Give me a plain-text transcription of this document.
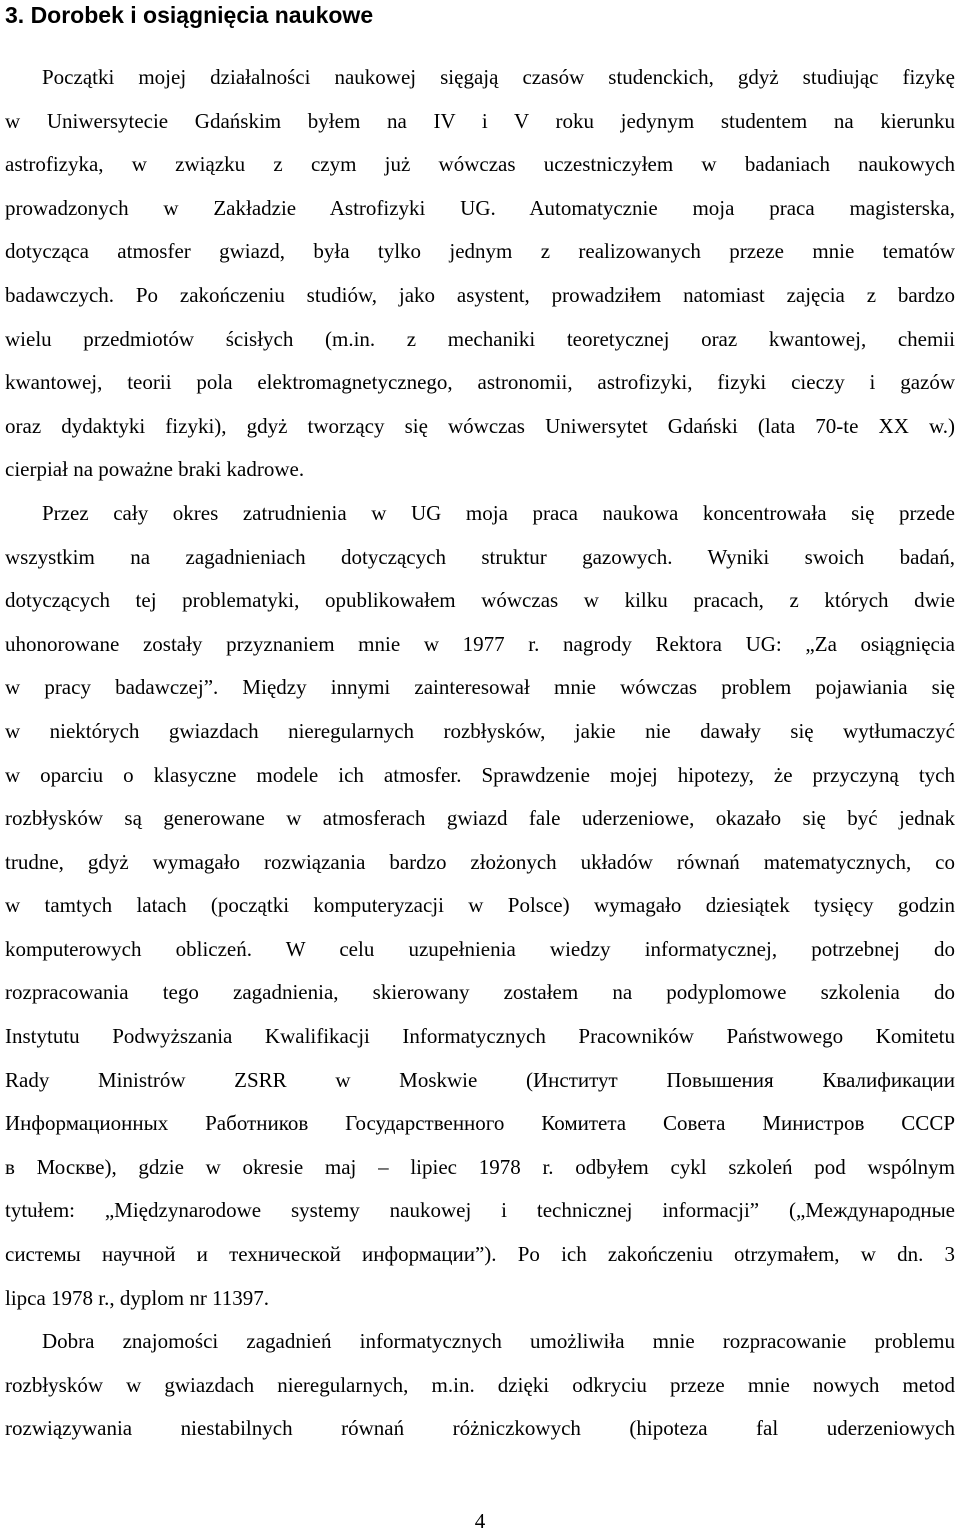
3. Dorobek i osiągnięcia naukowe
Początki mojej działalności naukowej sięgają czasów studenckich, gdyż studiując fizykę
w Uniwersytecie Gdańskim byłem na IV i V roku jedynym studentem na kierunku
astrofizyka, w związku z czym już wówczas uczestniczyłem w badaniach naukowych
prowadzonych w Zakładzie Astrofizyki UG. Automatycznie moja praca magisterska,
dotycząca atmosfer gwiazd, była tylko jednym z realizowanych przeze mnie tematów
badawczych. Po zakończeniu studiów, jako asystent, prowadziłem natomiast zajęcia z bardzo
wielu przedmiotów ścisłych (m.in. z mechaniki teoretycznej oraz kwantowej, chemii
kwantowej, teorii pola elektromagnetycznego, astronomii, astrofizyki, fizyki cieczy i gazów
oraz dydaktyki fizyki), gdyż tworzący się wówczas Uniwersytet Gdański (lata 70-te XX w.)
cierpiał na poważne braki kadrowe.
Przez cały okres zatrudnienia w UG moja praca naukowa koncentrowała się przede
wszystkim na zagadnieniach dotyczących struktur gazowych. Wyniki swoich badań,
dotyczących tej problematyki, opublikowałem wówczas w kilku pracach, z których dwie
uhonorowane zostały przyznaniem mnie w 1977 r. nagrody Rektora UG: „Za osiągnięcia
w pracy badawczej”. Między innymi zainteresował mnie wówczas problem pojawiania się
w niektórych gwiazdach nieregularnych rozbłysków, jakie nie dawały się wytłumaczyć
w oparciu o klasyczne modele ich atmosfer. Sprawdzenie mojej hipotezy, że przyczyną tych
rozbłysków są generowane w atmosferach gwiazd fale uderzeniowe, okazało się być jednak
trudne, gdyż wymagało rozwiązania bardzo złożonych układów równań matematycznych, co
w tamtych latach (początki komputeryzacji w Polsce) wymagało dziesiątek tysięcy godzin
komputerowych obliczeń. W celu uzupełnienia wiedzy informatycznej, potrzebnej do
rozpracowania tego zagadnienia, skierowany zostałem na podyplomowe szkolenia do
Instytutu Podwyższania Kwalifikacji Informatycznych Pracowników Państwowego Komitetu
Rady Ministrów ZSRR w Moskwie (Институт Повышения Квалификации
Информационных Работников Государственного Комитета Совета Министров СССР
в Москве), gdzie w okresie maj – lipiec 1978 r. odbyłem cykl szkoleń pod wspólnym
tytułem: „Międzynarodowe systemy naukowej i technicznej informacji” („Международные
системы научной и технической информации”). Po ich zakończeniu otrzymałem, w dn. 3
lipca 1978 r., dyplom nr 11397.
Dobra znajomości zagadnień informatycznych umożliwiła mnie rozpracowanie problemu
rozbłysków w gwiazdach nieregularnych, m.in. dzięki odkryciu przeze mnie nowych metod
rozwiązywania niestabilnych równań różniczkowych (hipoteza fal uderzeniowych
4
